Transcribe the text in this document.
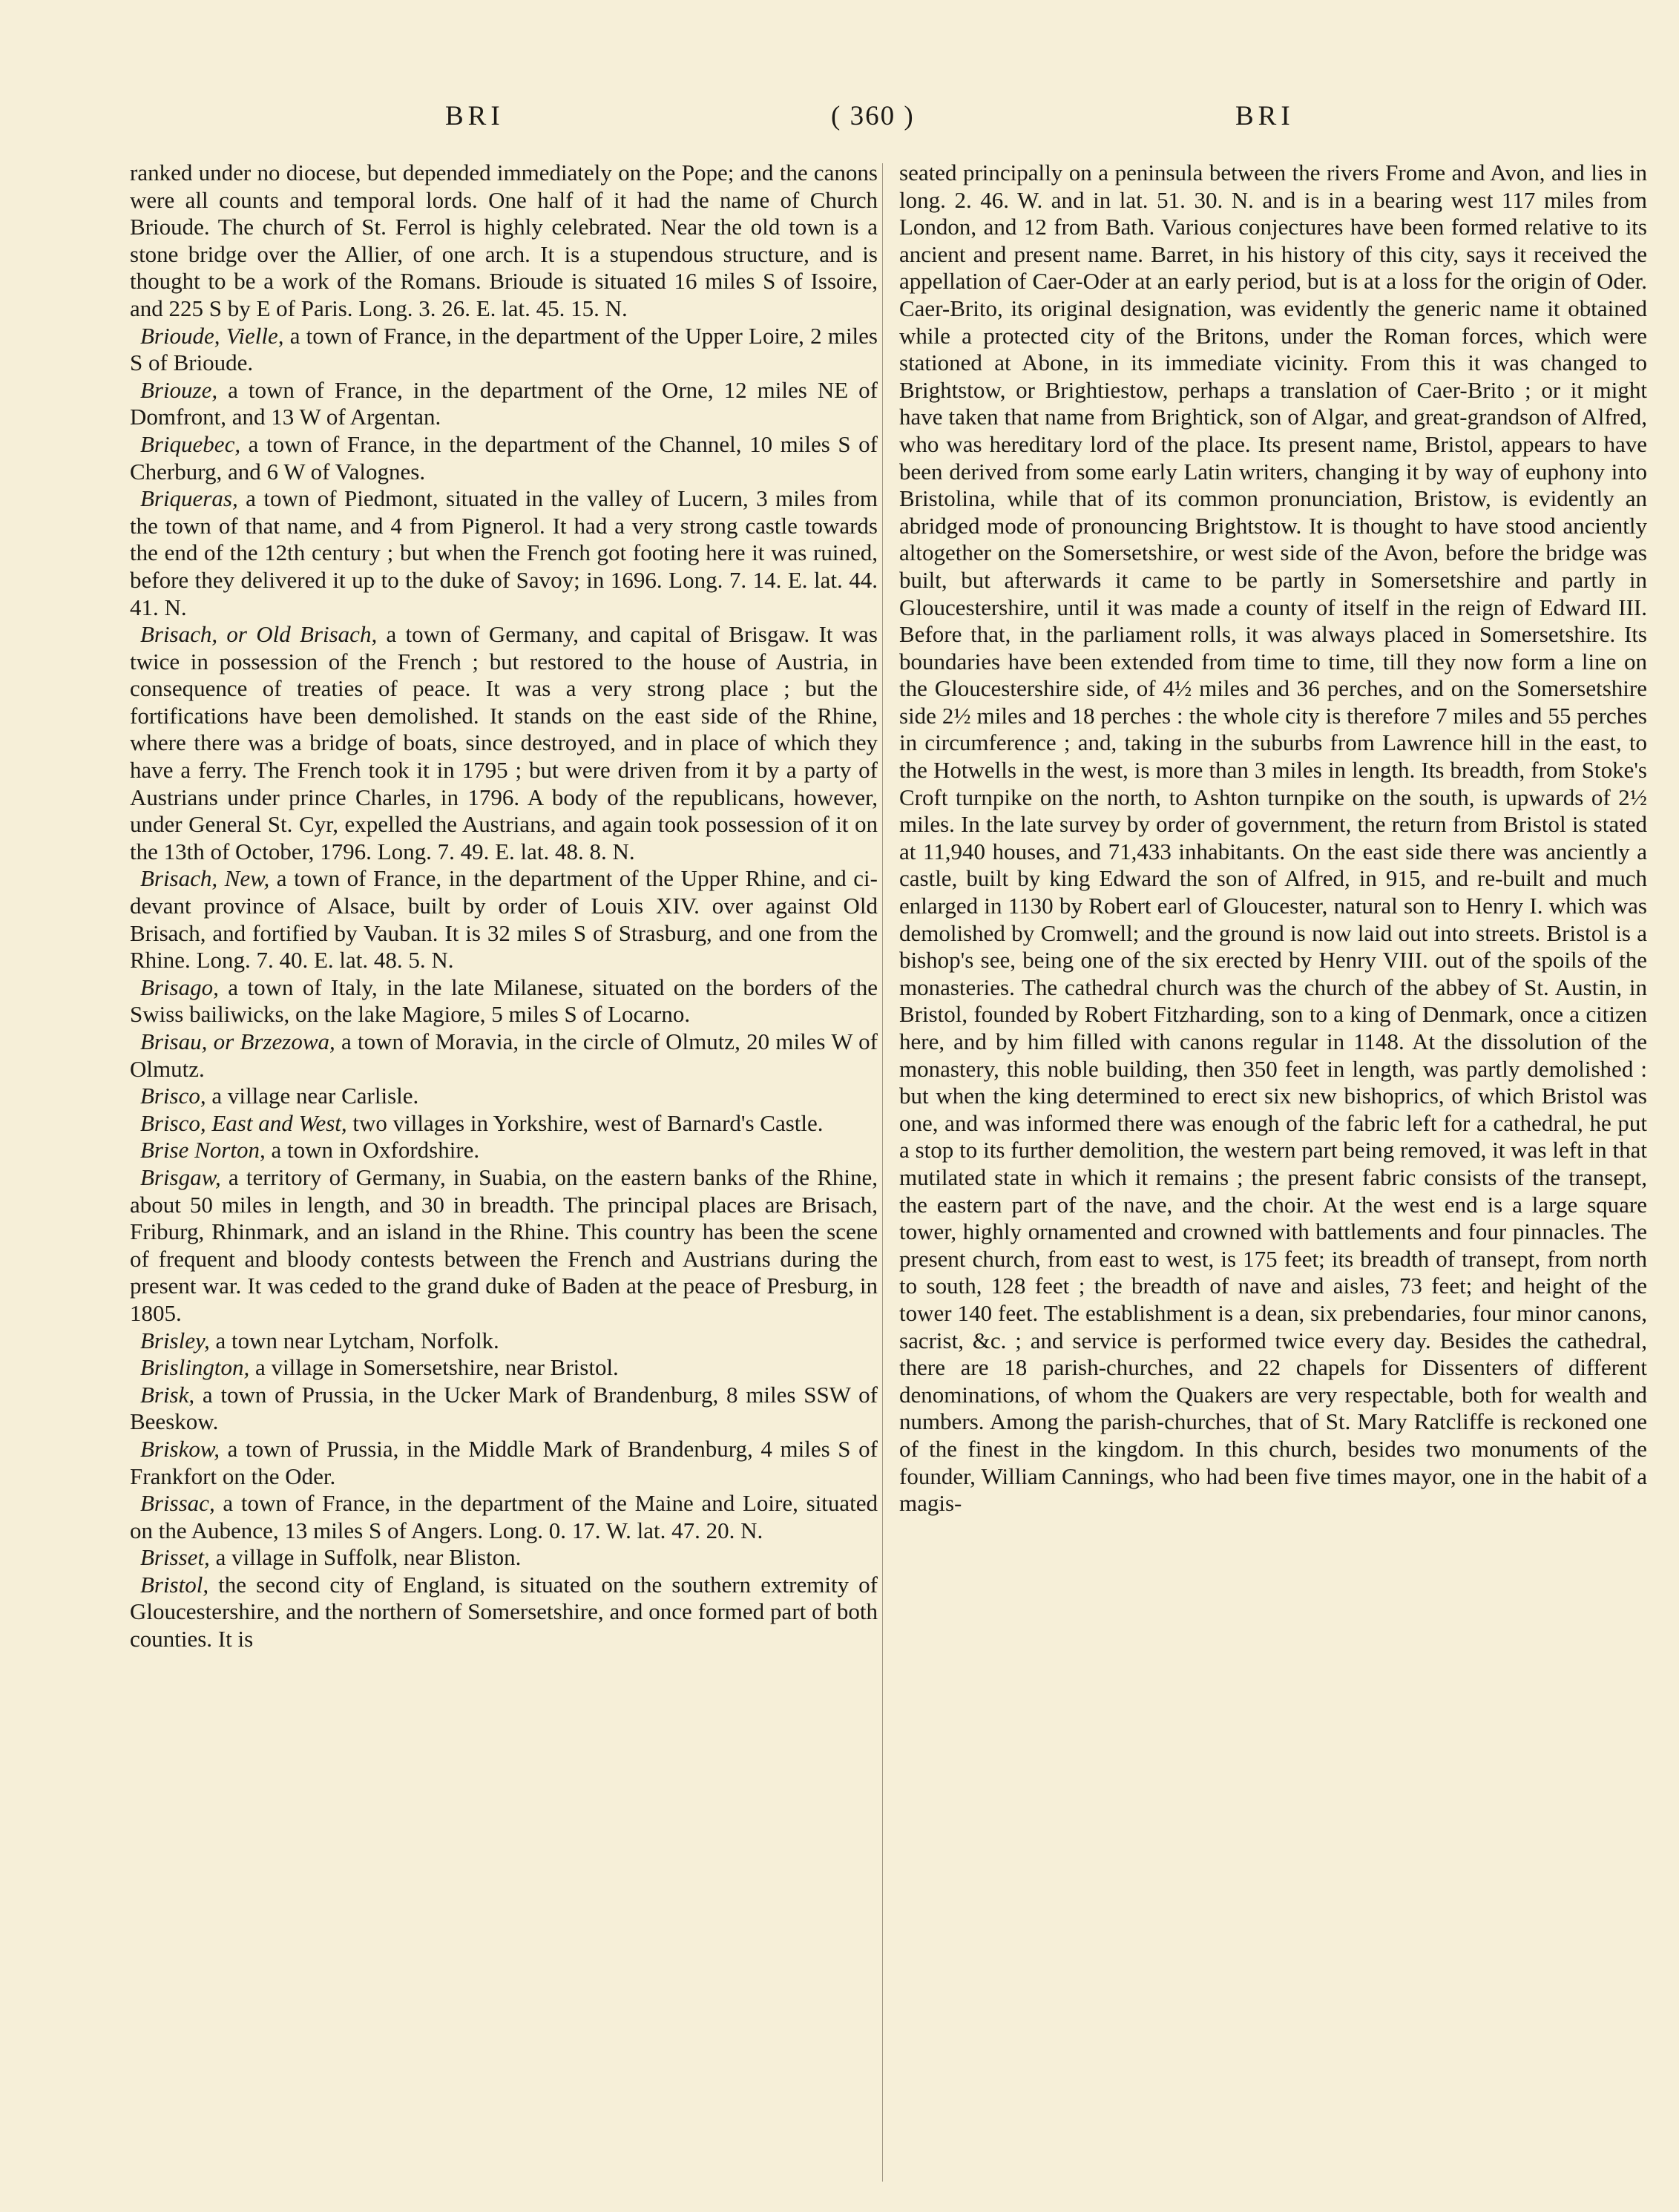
BRI	( 360 )	BRI

ranked under no diocese, but depended immediately on the Pope; and the canons were all counts and temporal lords. One half of it had the name of Church Brioude. The church of St. Ferrol is highly celebrated. Near the old town is a stone bridge over the Allier, of one arch. It is a stupendous structure, and is thought to be a work of the Romans. Brioude is situated 16 miles S of Issoire, and 225 S by E of Paris. Long. 3. 26. E. lat. 45. 15. N.

Brioude, Vielle, a town of France, in the department of the Upper Loire, 2 miles S of Brioude.

Briouze, a town of France, in the department of the Orne, 12 miles NE of Domfront, and 13 W of Argentan.

Briquebec, a town of France, in the department of the Channel, 10 miles S of Cherburg, and 6 W of Valognes.

Briqueras, a town of Piedmont, situated in the valley of Lucern, 3 miles from the town of that name, and 4 from Pignerol. It had a very strong castle towards the end of the 12th century ; but when the French got footing here it was ruined, before they delivered it up to the duke of Savoy; in 1696. Long. 7. 14. E. lat. 44. 41. N.

Brisach, or Old Brisach, a town of Germany, and capital of Brisgaw. It was twice in possession of the French ; but restored to the house of Austria, in consequence of treaties of peace. It was a very strong place ; but the fortifications have been demolished. It stands on the east side of the Rhine, where there was a bridge of boats, since destroyed, and in place of which they have a ferry. The French took it in 1795 ; but were driven from it by a party of Austrians under prince Charles, in 1796. A body of the republicans, however, under General St. Cyr, expelled the Austrians, and again took possession of it on the 13th of October, 1796. Long. 7. 49. E. lat. 48. 8. N.

Brisach, New, a town of France, in the department of the Upper Rhine, and ci-devant province of Alsace, built by order of Louis XIV. over against Old Brisach, and fortified by Vauban. It is 32 miles S of Strasburg, and one from the Rhine. Long. 7. 40. E. lat. 48. 5. N.

Brisago, a town of Italy, in the late Milanese, situated on the borders of the Swiss bailiwicks, on the lake Magiore, 5 miles S of Locarno.

Brisau, or Brzezowa, a town of Moravia, in the circle of Olmutz, 20 miles W of Olmutz.

Brisco, a village near Carlisle.

Brisco, East and West, two villages in Yorkshire, west of Barnard's Castle.

Brise Norton, a town in Oxfordshire.

Brisgaw, a territory of Germany, in Suabia, on the eastern banks of the Rhine, about 50 miles in length, and 30 in breadth. The principal places are Brisach, Friburg, Rhinmark, and an island in the Rhine. This country has been the scene of frequent and bloody contests between the French and Austrians during the present war. It was ceded to the grand duke of Baden at the peace of Presburg, in 1805.

Brisley, a town near Lytcham, Norfolk.

Brislington, a village in Somersetshire, near Bristol.

Brisk, a town of Prussia, in the Ucker Mark of Brandenburg, 8 miles SSW of Beeskow.

Briskow, a town of Prussia, in the Middle Mark of Brandenburg, 4 miles S of Frankfort on the Oder.

Brissac, a town of France, in the department of the Maine and Loire, situated on the Aubence, 13 miles S of Angers. Long. 0. 17. W. lat. 47. 20. N.

Brisset, a village in Suffolk, near Bliston.

Bristol, the second city of England, is situated on the southern extremity of Gloucestershire, and the northern of Somersetshire, and once formed part of both counties. It is

seated principally on a peninsula between the rivers Frome and Avon, and lies in long. 2. 46. W. and in lat. 51. 30. N. and is in a bearing west 117 miles from London, and 12 from Bath. Various conjectures have been formed relative to its ancient and present name. Barret, in his history of this city, says it received the appellation of Caer-Oder at an early period, but is at a loss for the origin of Oder. Caer-Brito, its original designation, was evidently the generic name it obtained while a protected city of the Britons, under the Roman forces, which were stationed at Abone, in its immediate vicinity. From this it was changed to Brightstow, or Brightiestow, perhaps a translation of Caer-Brito ; or it might have taken that name from Brightick, son of Algar, and great-grandson of Alfred, who was hereditary lord of the place. Its present name, Bristol, appears to have been derived from some early Latin writers, changing it by way of euphony into Bristolina, while that of its common pronunciation, Bristow, is evidently an abridged mode of pronouncing Brightstow. It is thought to have stood anciently altogether on the Somersetshire, or west side of the Avon, before the bridge was built, but afterwards it came to be partly in Somersetshire and partly in Gloucestershire, until it was made a county of itself in the reign of Edward III. Before that, in the parliament rolls, it was always placed in Somersetshire. Its boundaries have been extended from time to time, till they now form a line on the Gloucestershire side, of 4½ miles and 36 perches, and on the Somersetshire side 2½ miles and 18 perches : the whole city is therefore 7 miles and 55 perches in circumference ; and, taking in the suburbs from Lawrence hill in the east, to the Hotwells in the west, is more than 3 miles in length. Its breadth, from Stoke's Croft turnpike on the north, to Ashton turnpike on the south, is upwards of 2½ miles. In the late survey by order of government, the return from Bristol is stated at 11,940 houses, and 71,433 inhabitants. On the east side there was anciently a castle, built by king Edward the son of Alfred, in 915, and re-built and much enlarged in 1130 by Robert earl of Gloucester, natural son to Henry I. which was demolished by Cromwell; and the ground is now laid out into streets. Bristol is a bishop's see, being one of the six erected by Henry VIII. out of the spoils of the monasteries. The cathedral church was the church of the abbey of St. Austin, in Bristol, founded by Robert Fitzharding, son to a king of Denmark, once a citizen here, and by him filled with canons regular in 1148. At the dissolution of the monastery, this noble building, then 350 feet in length, was partly demolished : but when the king determined to erect six new bishoprics, of which Bristol was one, and was informed there was enough of the fabric left for a cathedral, he put a stop to its further demolition, the western part being removed, it was left in that mutilated state in which it remains ; the present fabric consists of the transept, the eastern part of the nave, and the choir. At the west end is a large square tower, highly ornamented and crowned with battlements and four pinnacles. The present church, from east to west, is 175 feet; its breadth of transept, from north to south, 128 feet ; the breadth of nave and aisles, 73 feet; and height of the tower 140 feet. The establishment is a dean, six prebendaries, four minor canons, sacrist, &c. ; and service is performed twice every day. Besides the cathedral, there are 18 parish-churches, and 22 chapels for Dissenters of different denominations, of whom the Quakers are very respectable, both for wealth and numbers. Among the parish-churches, that of St. Mary Ratcliffe is reckoned one of the finest in the kingdom. In this church, besides two monuments of the founder, William Cannings, who had been five times mayor, one in the habit of a magis-
